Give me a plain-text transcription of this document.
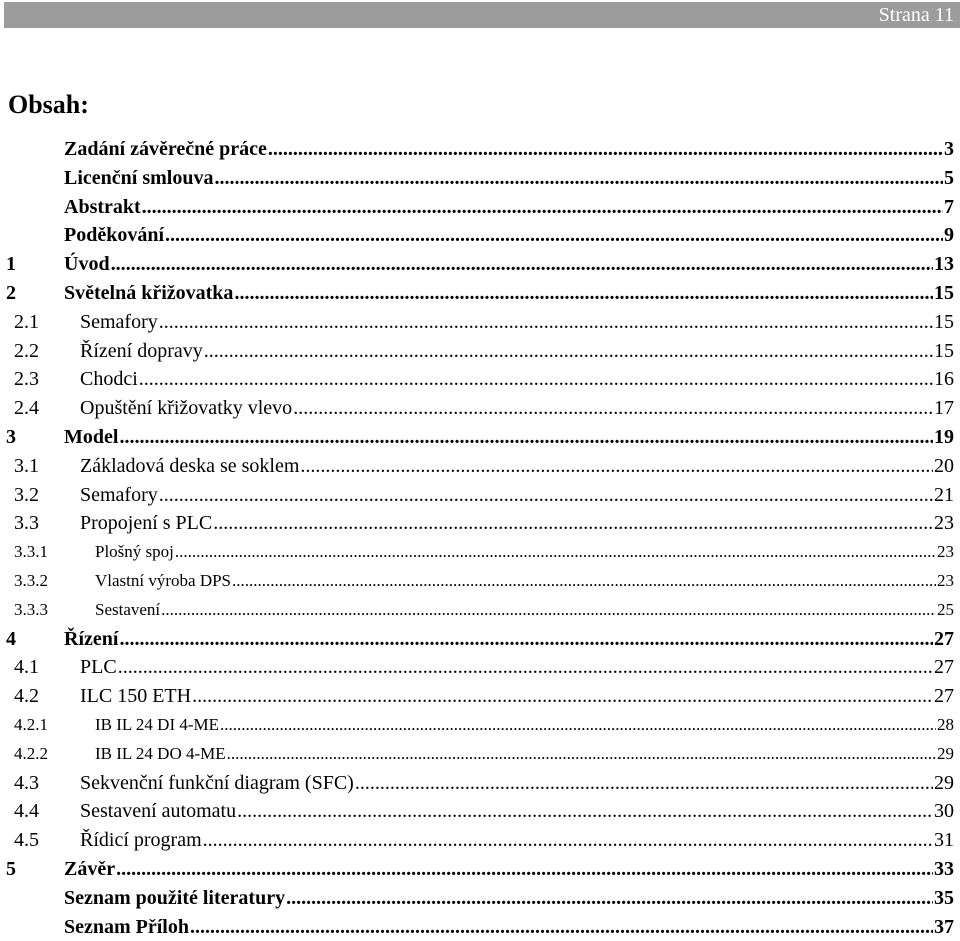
Strana 11
Obsah:
Zadání závěrečné práce .....	3
Licenční smlouva .....	5
Abstrakt .....	7
Poděkování .....	9
1 Úvod .....	13
2 Světelná křižovatka .....	15
2.1 Semafory .....	15
2.2 Řízení dopravy .....	15
2.3 Chodci .....	16
2.4 Opuštění křižovatky vlevo .....	17
3 Model .....	19
3.1 Základová deska se soklem .....	20
3.2 Semafory .....	21
3.3 Propojení s PLC .....	23
3.3.1	Plošný spoj .....	23
3.3.2	Vlastní výroba DPS .....	23
3.3.3	Sestavení .....	25
4 Řízení .....	27
4.1 PLC .....	27
4.2 ILC 150 ETH .....	27
4.2.1	IB IL 24 DI 4-ME .....	28
4.2.2	IB IL 24 DO 4-ME .....	29
4.3 Sekvenční funkční diagram (SFC) .....	29
4.4 Sestavení automatu .....	30
4.5 Řídicí program .....	31
5 Závěr .....	33
Seznam použité literatury .....	35
Seznam Příloh .....	37
